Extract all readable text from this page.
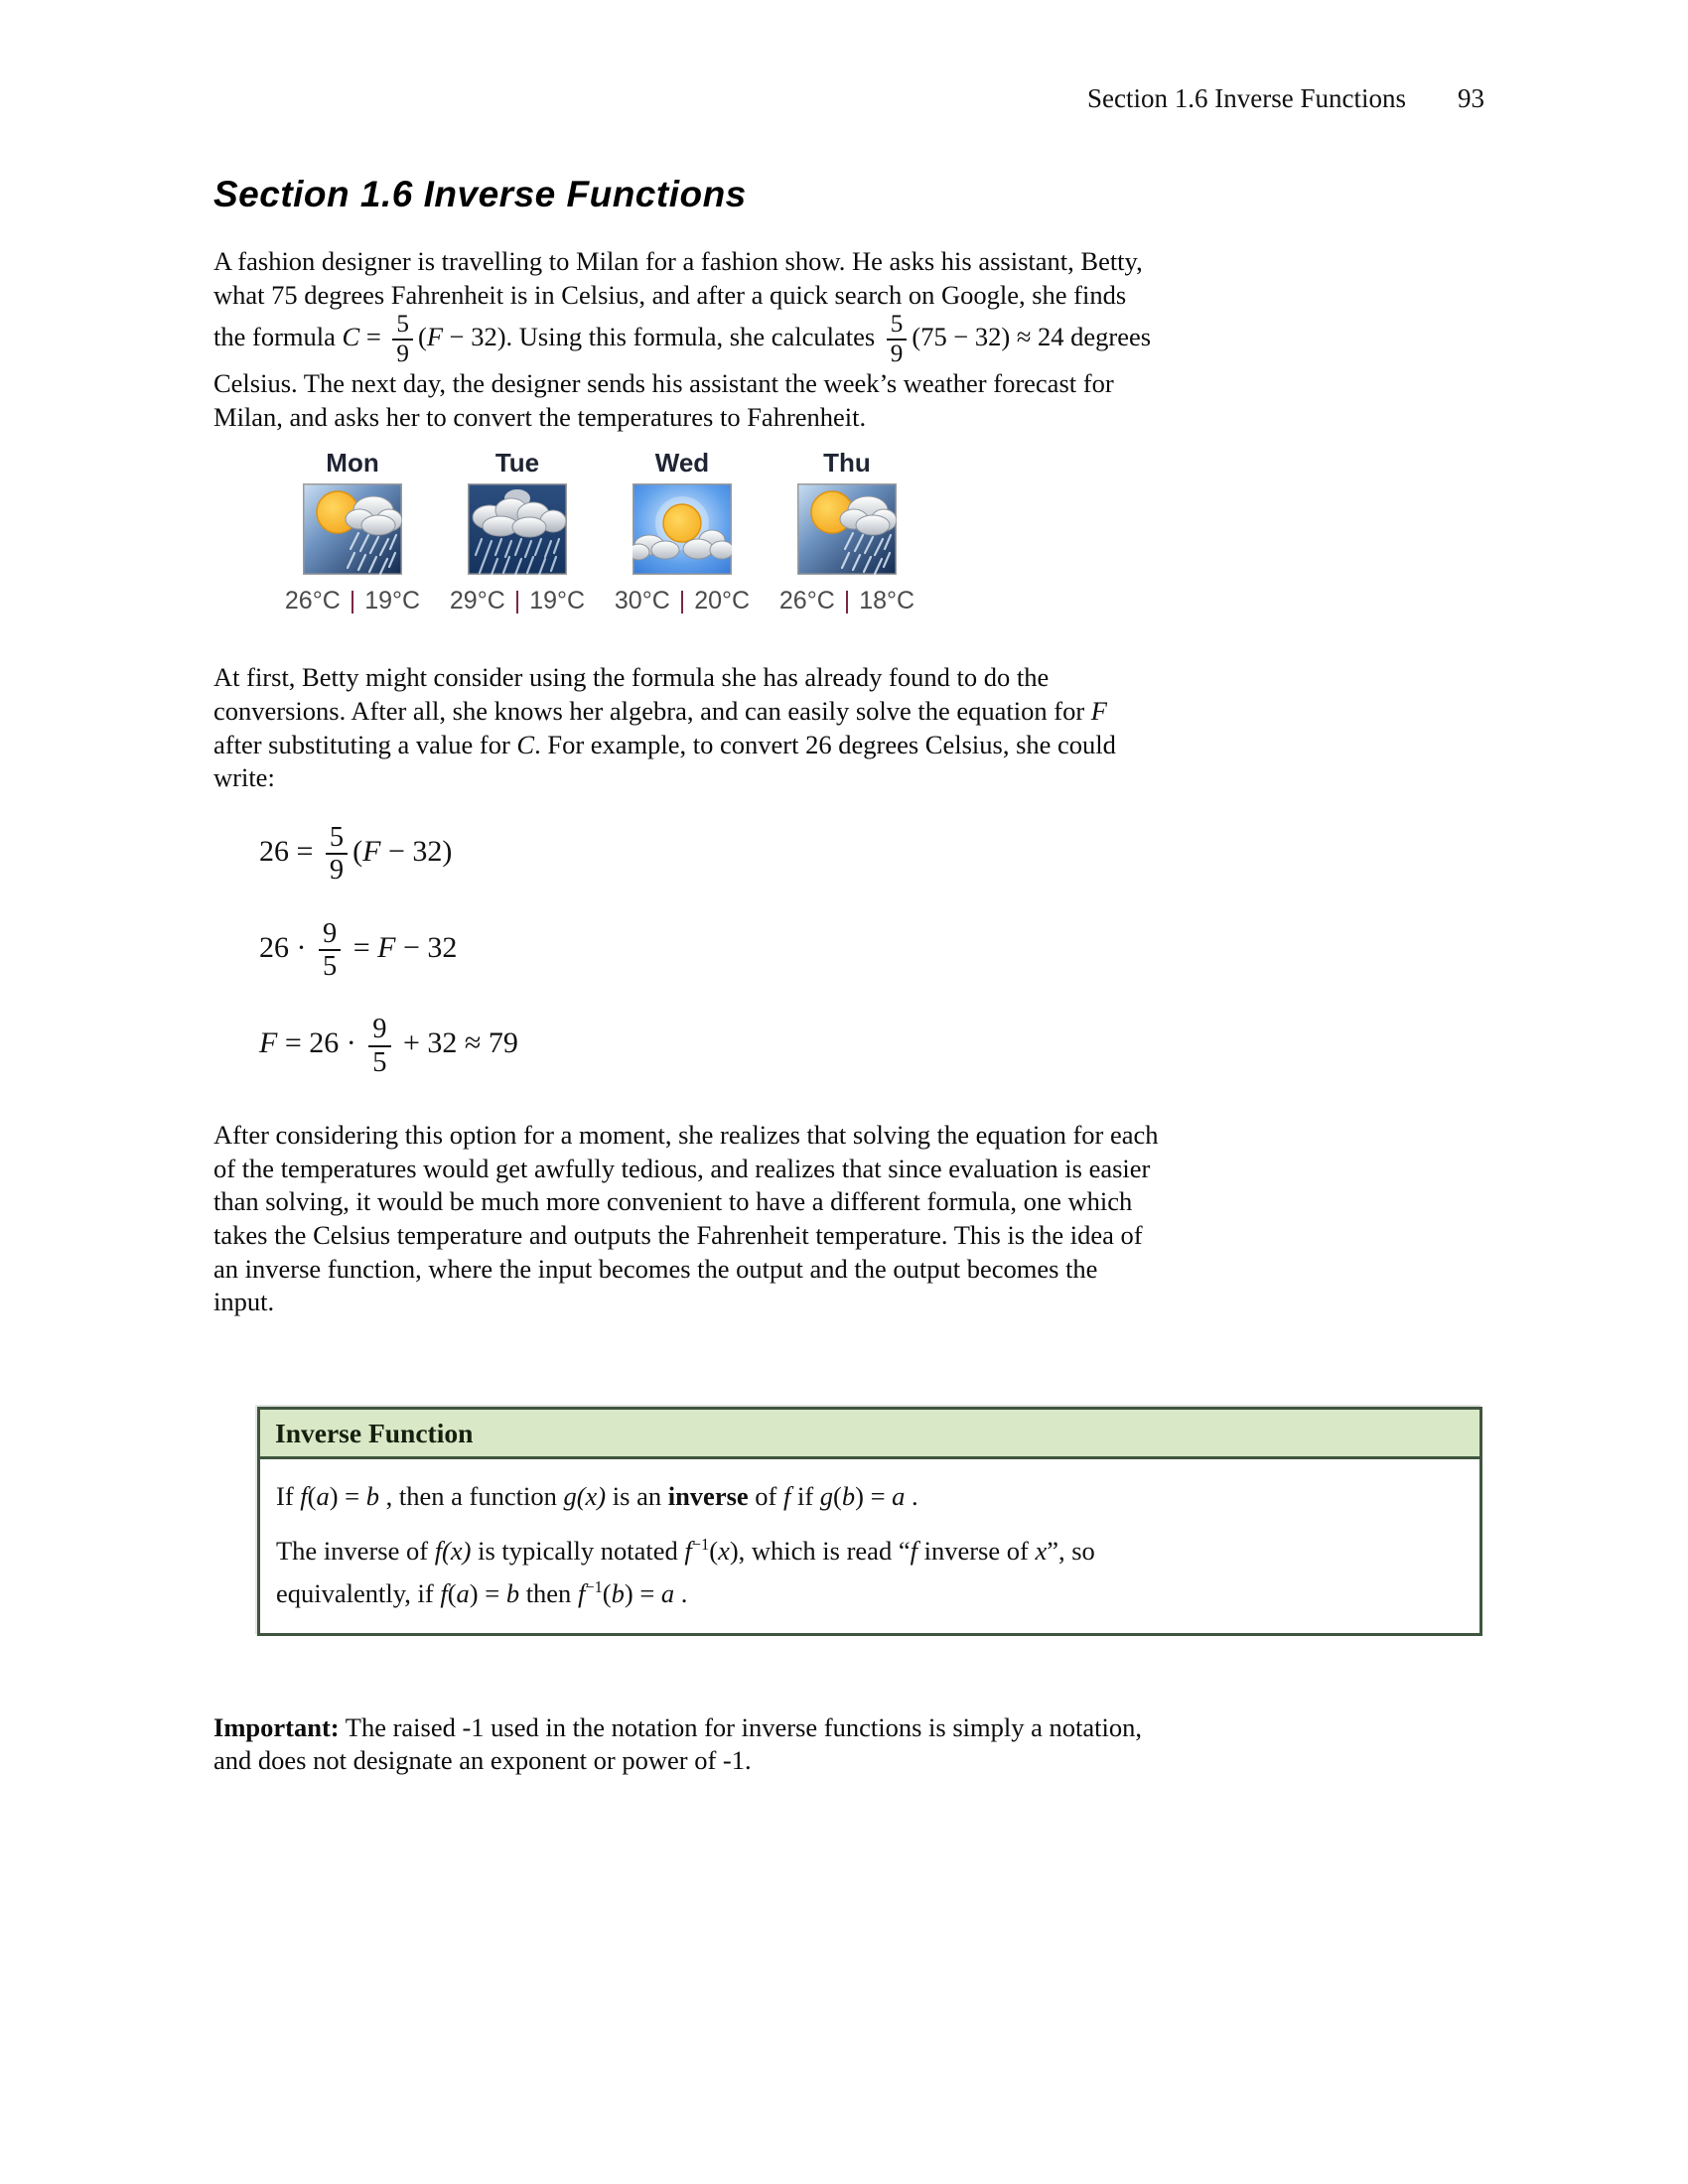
Section 1.6 Inverse Functions 93
Section 1.6 Inverse Functions

A fashion designer is travelling to Milan for a fashion show. He asks his assistant, Betty,
what 75 degrees Fahrenheit is in Celsius, and after a quick search on Google, she finds
the formula $C = \frac{5}{9} (F - 32)$. Using this formula, she calculates $\frac{5}{9} (75 - 32) \approx 24$ degrees
Celsius. The next day, the designer sends his assistant the week’s weather forecast for
Milan, and asks her to convert the temperatures to Fahrenheit.

Mon
26°C | 19°C
Tue
29°C | 19°C
Wed
30°C | 20°C
Thu
26°C | 18°C

At first, Betty might consider using the formula she has already found to do the
conversions. After all, she knows her algebra, and can easily solve the equation for F
after substituting a value for C. For example, to convert 26 degrees Celsius, she could
write:

$26 = \frac{5}{9} (F - 32)$
$26 \cdot \frac{9}{5} = F - 32$
$F = 26 \cdot \frac{9}{5} + 32 \approx 79$

After considering this option for a moment, she realizes that solving the equation for each
of the temperatures would get awfully tedious, and realizes that since evaluation is easier
than solving, it would be much more convenient to have a different formula, one which
takes the Celsius temperature and outputs the Fahrenheit temperature. This is the idea of
an inverse function, where the input becomes the output and the output becomes the
input.

Inverse Function

If f(a) = b , then a function g(x) is an inverse of f if g(b) = a .

The inverse of f(x) is typically notated $f^{-1}(x)$, which is read “f inverse of x”, so
equivalently, if f(a) = b then $f^{-1}(b) = a$ .

Important: The raised -1 used in the notation for inverse functions is simply a notation,
and does not designate an exponent or power of -1.
